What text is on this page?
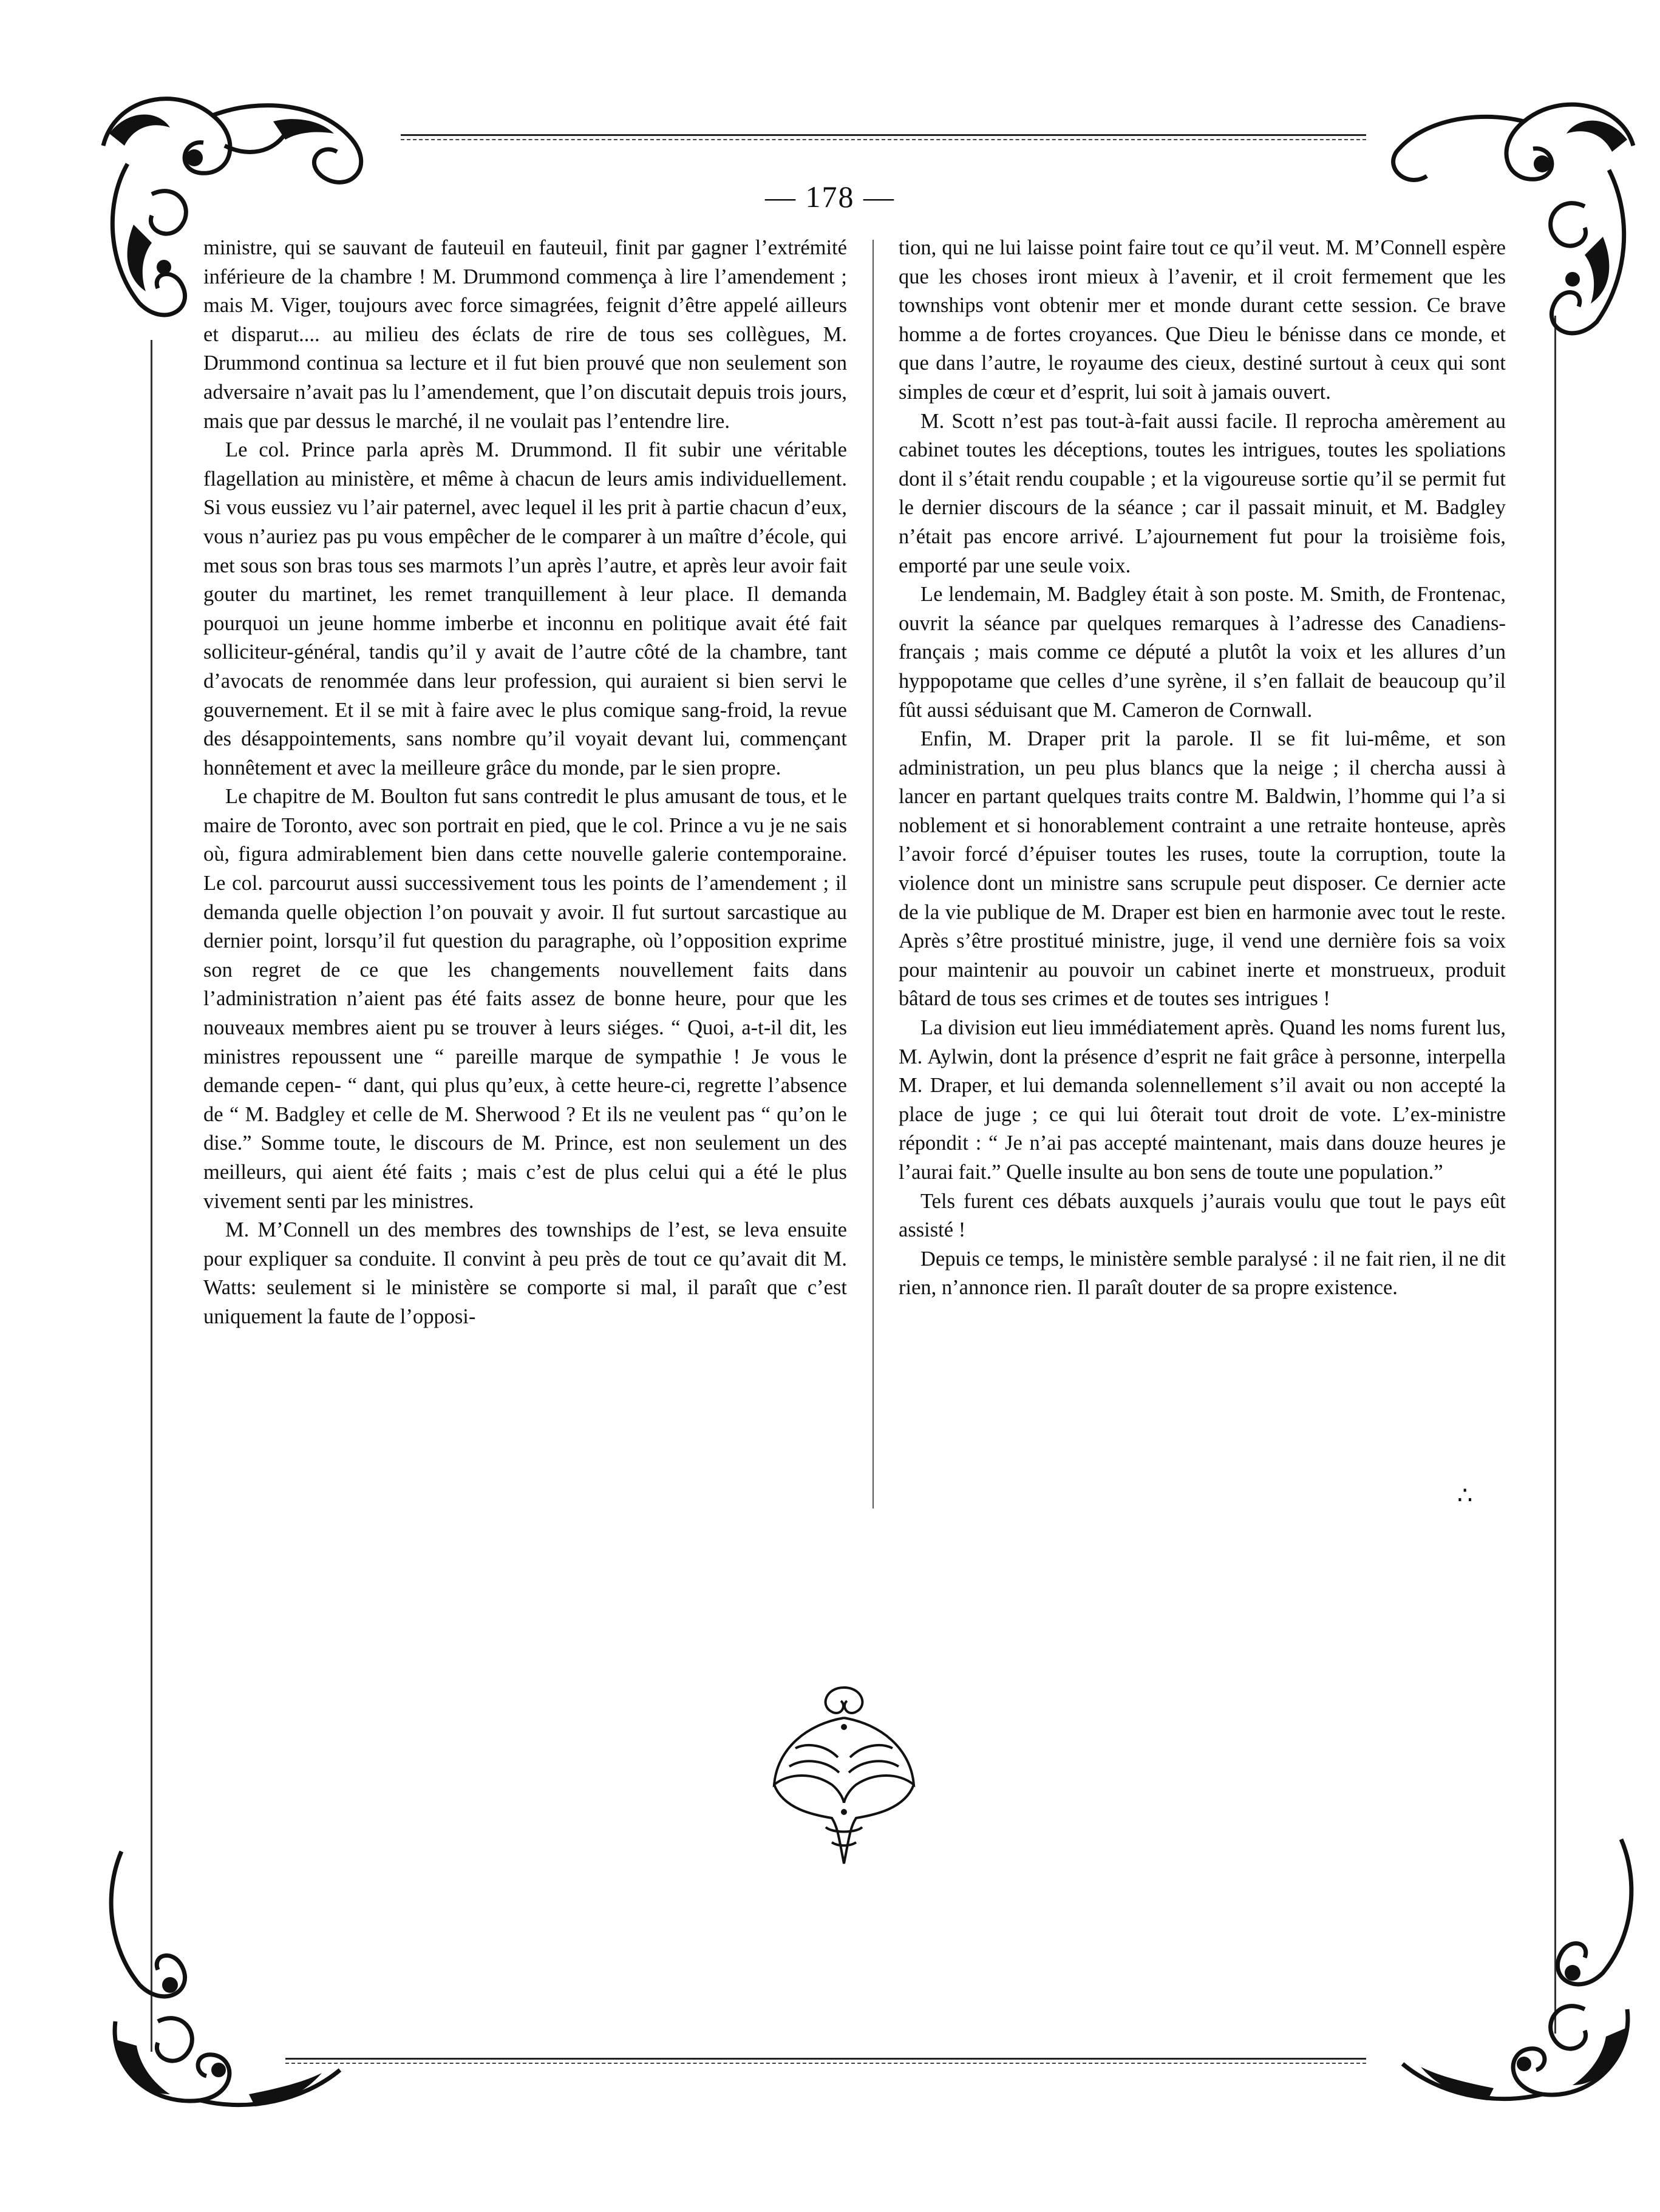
— 178 —

ministre, qui se sauvant de fauteuil en fauteuil, finit par gagner l’extrémité inférieure de la chambre ! M. Drummond commença à lire l’amendement ; mais M. Viger, toujours avec force simagrées, feignit d’être appelé ailleurs et disparut.... au milieu des éclats de rire de tous ses collègues, M. Drummond continua sa lecture et il fut bien prouvé que non seulement son adversaire n’avait pas lu l’amendement, que l’on discutait depuis trois jours, mais que par dessus le marché, il ne voulait pas l’entendre lire.

Le col. Prince parla après M. Drummond. Il fit subir une véritable flagellation au ministère, et même à chacun de leurs amis individuellement. Si vous eussiez vu l’air paternel, avec lequel il les prit à partie chacun d’eux, vous n’auriez pas pu vous empêcher de le comparer à un maître d’école, qui met sous son bras tous ses marmots l’un après l’autre, et après leur avoir fait gouter du martinet, les remet tranquillement à leur place. Il demanda pourquoi un jeune homme imberbe et inconnu en politique avait été fait solliciteur-général, tandis qu’il y avait de l’autre côté de la chambre, tant d’avocats de renommée dans leur profession, qui auraient si bien servi le gouvernement. Et il se mit à faire avec le plus comique sang-froid, la revue des désappointements, sans nombre qu’il voyait devant lui, commençant honnêtement et avec la meilleure grâce du monde, par le sien propre.

Le chapitre de M. Boulton fut sans contredit le plus amusant de tous, et le maire de Toronto, avec son portrait en pied, que le col. Prince a vu je ne sais où, figura admirablement bien dans cette nouvelle galerie contemporaine. Le col. parcourut aussi successivement tous les points de l’amendement ; il demanda quelle objection l’on pouvait y avoir. Il fut surtout sarcastique au dernier point, lorsqu’il fut question du paragraphe, où l’opposition exprime son regret de ce que les changements nouvellement faits dans l’administration n’aient pas été faits assez de bonne heure, pour que les nouveaux membres aient pu se trouver à leurs siéges. “ Quoi, a-t-il dit, les ministres repoussent une “ pareille marque de sympathie ! Je vous le demande cepen- “ dant, qui plus qu’eux, à cette heure-ci, regrette l’absence de “ M. Badgley et celle de M. Sherwood ? Et ils ne veulent pas “ qu’on le dise.” Somme toute, le discours de M. Prince, est non seulement un des meilleurs, qui aient été faits ; mais c’est de plus celui qui a été le plus vivement senti par les ministres.

M. M’Connell un des membres des townships de l’est, se leva ensuite pour expliquer sa conduite. Il convint à peu près de tout ce qu’avait dit M. Watts: seulement si le ministère se comporte si mal, il paraît que c’est uniquement la faute de l’opposi-

tion, qui ne lui laisse point faire tout ce qu’il veut. M. M’Connell espère que les choses iront mieux à l’avenir, et il croit fermement que les townships vont obtenir mer et monde durant cette session. Ce brave homme a de fortes croyances. Que Dieu le bénisse dans ce monde, et que dans l’autre, le royaume des cieux, destiné surtout à ceux qui sont simples de cœur et d’esprit, lui soit à jamais ouvert.

M. Scott n’est pas tout-à-fait aussi facile. Il reprocha amèrement au cabinet toutes les déceptions, toutes les intrigues, toutes les spoliations dont il s’était rendu coupable ; et la vigoureuse sortie qu’il se permit fut le dernier discours de la séance ; car il passait minuit, et M. Badgley n’était pas encore arrivé. L’ajournement fut pour la troisième fois, emporté par une seule voix.

Le lendemain, M. Badgley était à son poste. M. Smith, de Frontenac, ouvrit la séance par quelques remarques à l’adresse des Canadiens-français ; mais comme ce député a plutôt la voix et les allures d’un hyppopotame que celles d’une syrène, il s’en fallait de beaucoup qu’il fût aussi séduisant que M. Cameron de Cornwall.

Enfin, M. Draper prit la parole. Il se fit lui-même, et son administration, un peu plus blancs que la neige ; il chercha aussi à lancer en partant quelques traits contre M. Baldwin, l’homme qui l’a si noblement et si honorablement contraint a une retraite honteuse, après l’avoir forcé d’épuiser toutes les ruses, toute la corruption, toute la violence dont un ministre sans scrupule peut disposer. Ce dernier acte de la vie publique de M. Draper est bien en harmonie avec tout le reste. Après s’être prostitué ministre, juge, il vend une dernière fois sa voix pour maintenir au pouvoir un cabinet inerte et monstrueux, produit bâtard de tous ses crimes et de toutes ses intrigues !

La division eut lieu immédiatement après. Quand les noms furent lus, M. Aylwin, dont la présence d’esprit ne fait grâce à personne, interpella M. Draper, et lui demanda solennellement s’il avait ou non accepté la place de juge ; ce qui lui ôterait tout droit de vote. L’ex-ministre répondit : “ Je n’ai pas accepté maintenant, mais dans douze heures je l’aurai fait.” Quelle insulte au bon sens de toute une population.”

Tels furent ces débats auxquels j’aurais voulu que tout le pays eût assisté !

Depuis ce temps, le ministère semble paralysé : il ne fait rien, il ne dit rien, n’annonce rien. Il paraît douter de sa propre existence.

∴
